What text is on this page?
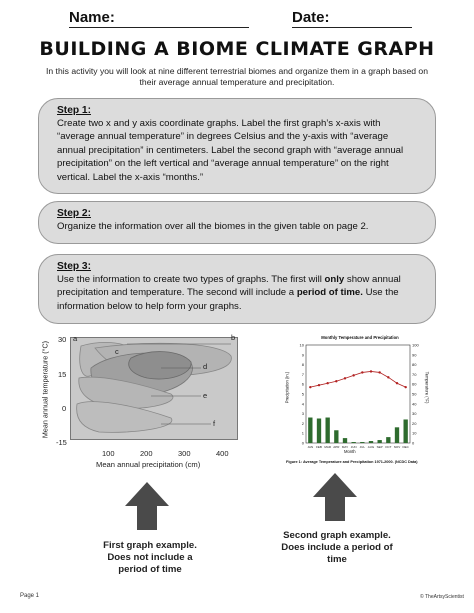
Name:	Date:
BUILDING A BIOME CLIMATE GRAPH
In this activity you will look at nine different terrestrial biomes and organize them in a graph based on their average annual temperature and precipitation.
Step 1:
Create two x and y axis coordinate graphs. Label the first graph’s x-axis with “average annual temperature” in degrees Celsius and the y-axis with “average annual precipitation” in centimeters. Label the second graph with “average annual precipitation” on the left vertical and “average annual temperature” on the right vertical. Label the x-axis “months.”
Step 2:
Organize the information over all the biomes in the given table on page 2.
Step 3:
Use the information to create two types of graphs. The first will only show annual precipitation and temperature. The second will include a period of time. Use the information below to help form your graphs.
a	b
c
d
e
f
30
15
0
-15
100	200	300	400
Mean annual precipitation (cm)
Mean annual temperature (°C)
Monthly Temperature and Precipitation
10
9
8
7
6
5
4
3
2
1
0
100
90
80
70
60
50
40
30
20
10
0
JAN FEB MAR APR MAY JUN JUL AUG SEP OCT NOV DEC
Precipitation (in.)	Temperature (°F)
Month
Figure 1: Average Temperature and Precipitation 1971-2000. (NCDC Data)
First graph example.
Does not include a
period of time
Second graph example.
Does include a period of
time
Page 1	© TheArtsyScientist
